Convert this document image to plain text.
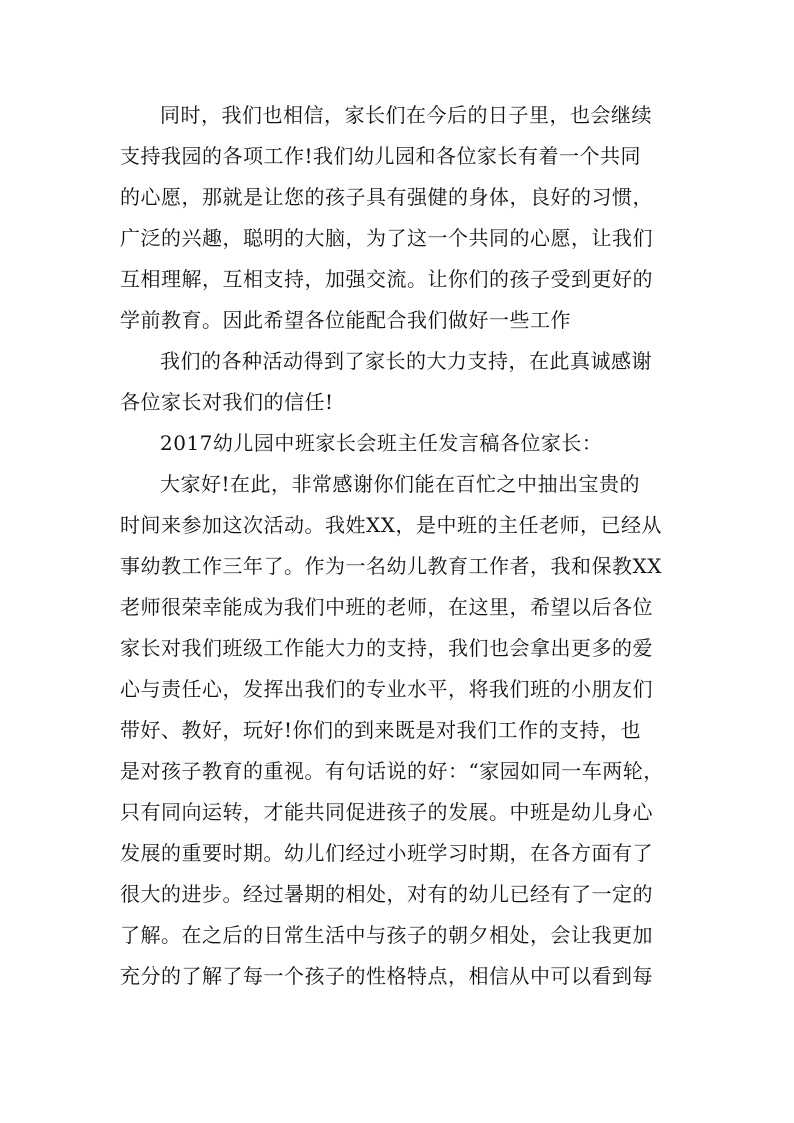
同时，我们也相信，家长们在今后的日子里，也会继续
支持我园的各项工作!我们幼儿园和各位家长有着一个共同
的心愿，那就是让您的孩子具有强健的身体，良好的习惯，
广泛的兴趣，聪明的大脑，为了这一个共同的心愿，让我们
互相理解，互相支持，加强交流。让你们的孩子受到更好的
学前教育。因此希望各位能配合我们做好一些工作
我们的各种活动得到了家长的大力支持，在此真诚感谢
各位家长对我们的信任!
2017幼儿园中班家长会班主任发言稿各位家长：
大家好!在此，非常感谢你们能在百忙之中抽出宝贵的
时间来参加这次活动。我姓XX，是中班的主任老师，已经从
事幼教工作三年了。作为一名幼儿教育工作者，我和保教XX
老师很荣幸能成为我们中班的老师，在这里，希望以后各位
家长对我们班级工作能大力的支持，我们也会拿出更多的爱
心与责任心，发挥出我们的专业水平，将我们班的小朋友们
带好、教好，玩好!你们的到来既是对我们工作的支持，也
是对孩子教育的重视。有句话说的好：“家园如同一车两轮，
只有同向运转，才能共同促进孩子的发展。中班是幼儿身心
发展的重要时期。幼儿们经过小班学习时期，在各方面有了
很大的进步。经过暑期的相处，对有的幼儿已经有了一定的
了解。在之后的日常生活中与孩子的朝夕相处，会让我更加
充分的了解了每一个孩子的性格特点，相信从中可以看到每
